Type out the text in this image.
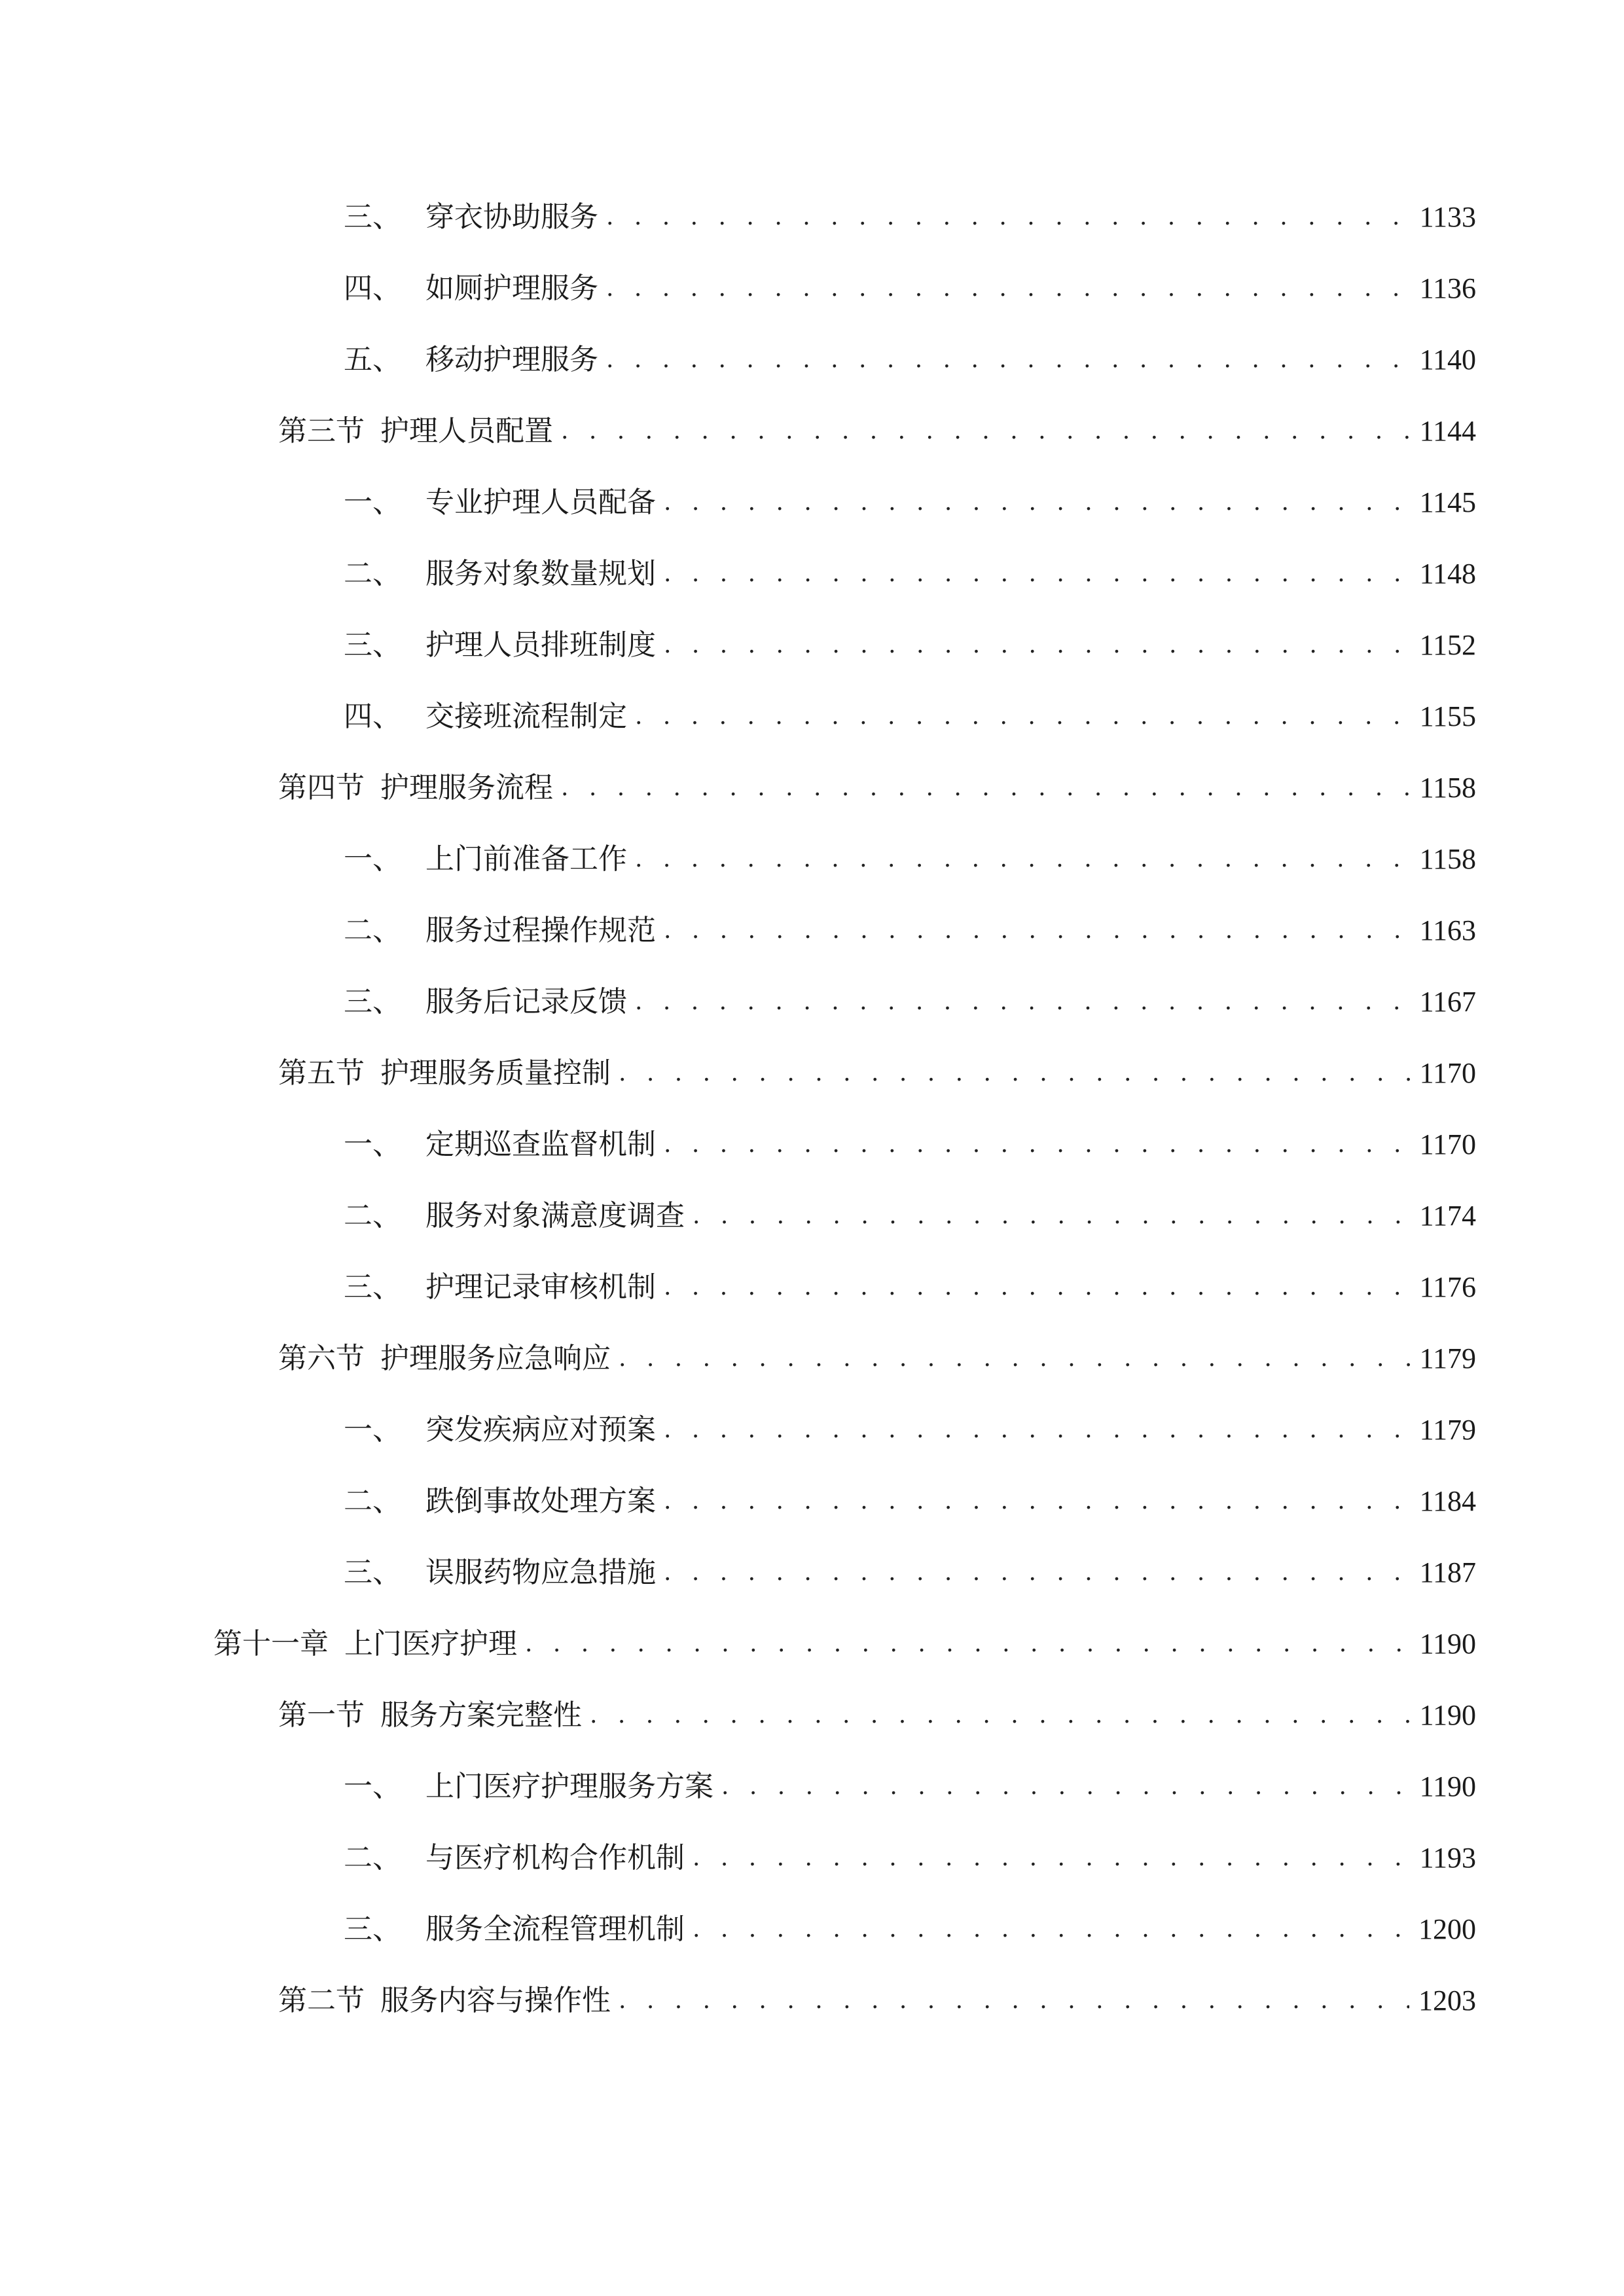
三、 穿衣协助服务 . . .	1133
四、 如厕护理服务 . . .	1136
五、 移动护理服务 . . .	1140
第三节 护理人员配置 . . .	1144
一、 专业护理人员配备 . . .	1145
二、 服务对象数量规划 . . .	1148
三、 护理人员排班制度 . . .	1152
四、 交接班流程制定 . . .	1155
第四节 护理服务流程 . . .	1158
一、 上门前准备工作 . . .	1158
二、 服务过程操作规范 . . .	1163
三、 服务后记录反馈 . . .	1167
第五节 护理服务质量控制 . . .	1170
一、 定期巡查监督机制 . . .	1170
二、 服务对象满意度调查 . . .	1174
三、 护理记录审核机制 . . .	1176
第六节 护理服务应急响应 . . .	1179
一、 突发疾病应对预案 . . .	1179
二、 跌倒事故处理方案 . . .	1184
三、 误服药物应急措施 . . .	1187
第十一章 上门医疗护理 . . .	1190
第一节 服务方案完整性 . . .	1190
一、 上门医疗护理服务方案 . . .	1190
二、 与医疗机构合作机制 . . .	1193
三、 服务全流程管理机制 . . .	1200
第二节 服务内容与操作性 . . .	1203
